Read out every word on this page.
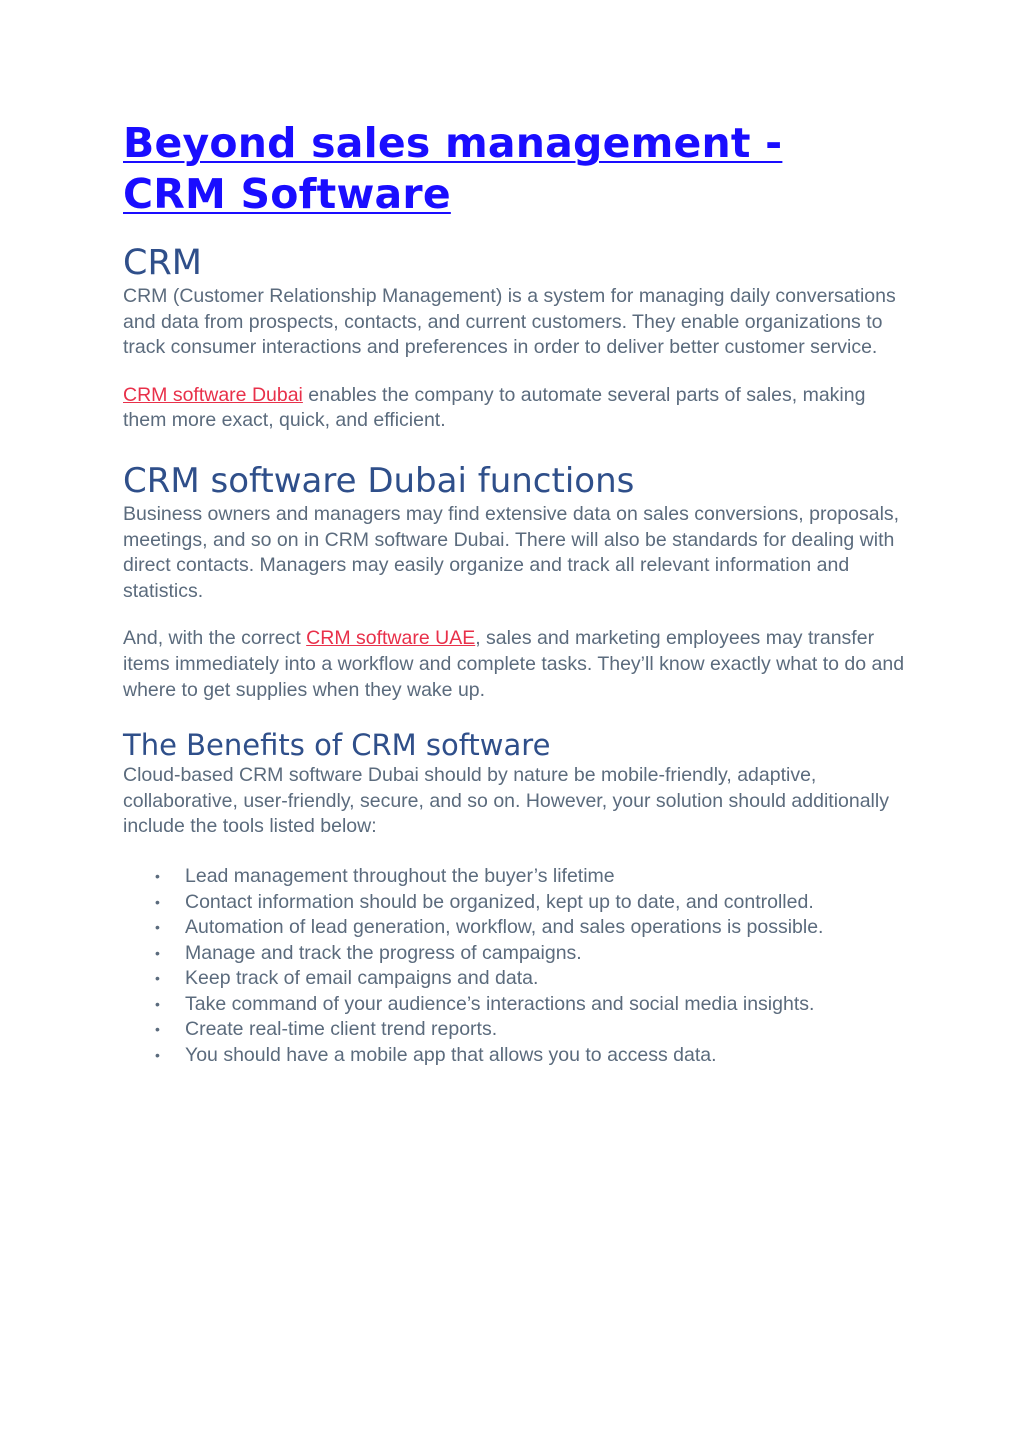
Beyond sales management -
CRM Software
CRM

CRM (Customer Relationship Management) is a system for managing daily conversations and data from prospects, contacts, and current customers. They enable organizations to track consumer interactions and preferences in order to deliver better customer service.

CRM software Dubai enables the company to automate several parts of sales, making them more exact, quick, and efficient.

CRM software Dubai functions

Business owners and managers may find extensive data on sales conversions, proposals, meetings, and so on in CRM software Dubai. There will also be standards for dealing with direct contacts. Managers may easily organize and track all relevant information and statistics.

And, with the correct CRM software UAE, sales and marketing employees may transfer items immediately into a workflow and complete tasks. They’ll know exactly what to do and where to get supplies when they wake up.

The Benefits of CRM software

Cloud-based CRM software Dubai should by nature be mobile-friendly, adaptive, collaborative, user-friendly, secure, and so on. However, your solution should additionally include the tools listed below:

• Lead management throughout the buyer’s lifetime
• Contact information should be organized, kept up to date, and controlled.
• Automation of lead generation, workflow, and sales operations is possible.
• Manage and track the progress of campaigns.
• Keep track of email campaigns and data.
• Take command of your audience’s interactions and social media insights.
• Create real-time client trend reports.
• You should have a mobile app that allows you to access data.
